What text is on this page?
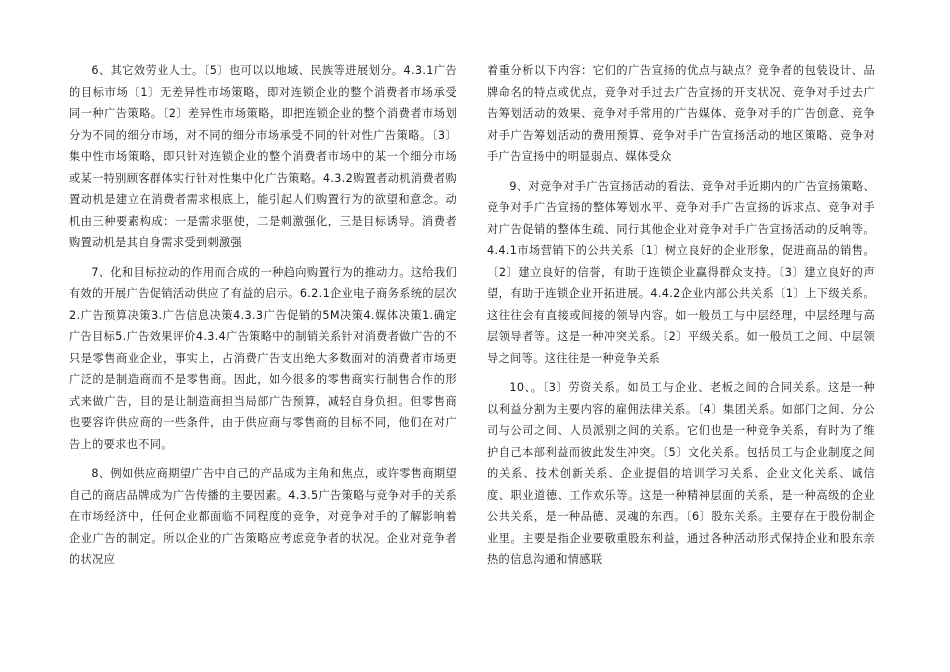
6、其它效劳业人士。〔5〕也可以以地域、民族等进展划分。4.3.1广告的目标市场〔1〕无差异性市场策略，即对连锁企业的整个消费者市场承受同一种广告策略。〔2〕差异性市场策略，即把连锁企业的整个消费者市场划分为不同的细分市场，对不同的细分市场承受不同的针对性广告策略。〔3〕集中性市场策略，即只针对连锁企业的整个消费者市场中的某一个细分市场或某一特别顾客群体实行针对性集中化广告策略。4.3.2购置者动机消费者购置动机是建立在消费者需求根底上，能引起人们购置行为的欲望和意念。动机由三种要素构成：一是需求驱使，二是刺激强化，三是目标诱导。消费者购置动机是其自身需求受到刺激强

7、化和目标拉动的作用而合成的一种趋向购置行为的推动力。这给我们有效的开展广告促销活动供应了有益的启示。6.2.1企业电子商务系统的层次2.广告预算决策3.广告信息决策4.3.3广告促销的5M决策4.媒体决策1.确定广告目标5.广告效果评价4.3.4广告策略中的制销关系针对消费者做广告的不只是零售商业企业，事实上，占消费广告支出绝大多数面对的消费者市场更广泛的是制造商而不是零售商。因此，如今很多的零售商实行制售合作的形式来做广告，目的是让制造商担当局部广告预算，减轻自身负担。但零售商也要容许供应商的一些条件，由于供应商与零售商的目标不同，他们在对广告上的要求也不同。

8、例如供应商期望广告中自己的产品成为主角和焦点，或许零售商期望自己的商店品牌成为广告传播的主要因素。4.3.5广告策略与竞争对手的关系在市场经济中，任何企业都面临不同程度的竞争，对竞争对手的了解影响着企业广告的制定。所以企业的广告策略应考虑竞争者的状况。企业对竞争者的状况应

着重分析以下内容：它们的广告宣扬的优点与缺点？竞争者的包装设计、品牌命名的特点或优点，竞争对手过去广告宣扬的开支状况、竞争对手过去广告筹划活动的效果、竞争对手常用的广告媒体、竞争对手的广告创意、竞争对手广告筹划活动的费用预算、竞争对手广告宣扬活动的地区策略、竞争对手广告宣扬中的明显弱点、媒体受众

9、对竞争对手广告宣扬活动的看法、竞争对手近期内的广告宣扬策略、竞争对手广告宣扬的整体筹划水平、竞争对手广告宣扬的诉求点、竞争对手对广告促销的整体生疏、同行其他企业对竞争对手广告宣扬活动的反响等。4.4.1市场营销下的公共关系〔1〕树立良好的企业形象，促进商品的销售。〔2〕建立良好的信誉，有助于连锁企业赢得群众支持。〔3〕建立良好的声望，有助于连锁企业开拓进展。4.4.2企业内部公共关系〔1〕上下级关系。这往往会有直接或间接的领导内容。如一般员工与中层经理，中层经理与高层领导者等。这是一种冲突关系。〔2〕平级关系。如一般员工之间、中层领导之间等。这往往是一种竞争关系

10、。〔3〕劳资关系。如员工与企业、老板之间的合同关系。这是一种以利益分割为主要内容的雇佣法律关系。〔4〕集团关系。如部门之间、分公司与公司之间、人员派别之间的关系。它们也是一种竞争关系，有时为了维护自己本部利益而彼此发生冲突。〔5〕文化关系。包括员工与企业制度之间的关系、技术创新关系、企业提倡的培训学习关系、企业文化关系、诚信度、职业道德、工作欢乐等。这是一种精神层面的关系，是一种高级的企业公共关系，是一种品德、灵魂的东西。〔6〕股东关系。主要存在于股份制企业里。主要是指企业要敬重股东利益，通过各种活动形式保持企业和股东亲热的信息沟通和情感联
